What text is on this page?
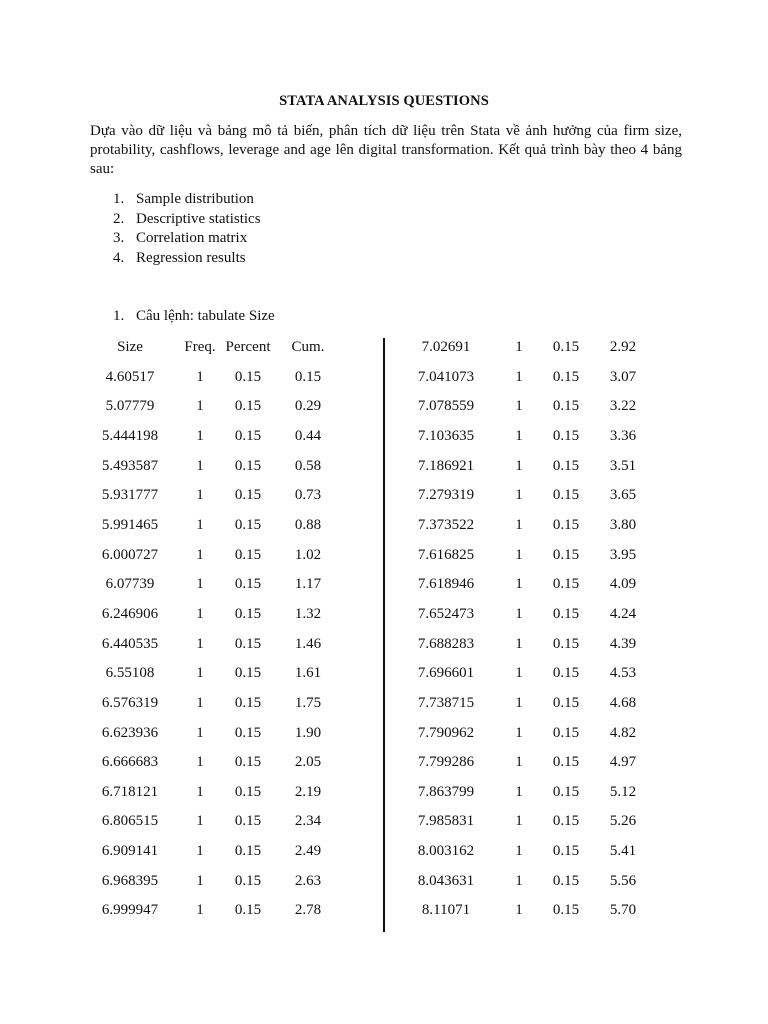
STATA ANALYSIS QUESTIONS
Dựa vào dữ liệu và bảng mô tả biến, phân tích dữ liệu trên Stata về ảnh hưởng của firm size, protability, cashflows, leverage and age lên digital transformation. Kết quả trình bày theo 4 bảng sau:
1. Sample distribution
2. Descriptive statistics
3. Correlation matrix
4. Regression results
1. Câu lệnh: tabulate Size
Size	Freq. Percent Cum.
4.60517	1 0.15 0.15
5.07779	1 0.15 0.29
5.444198	1 0.15 0.44
5.493587	1 0.15 0.58
5.931777	1 0.15 0.73
5.991465	1 0.15 0.88
6.000727	1 0.15 1.02
6.07739	1 0.15 1.17
6.246906	1 0.15 1.32
6.440535	1 0.15 1.46
6.55108	1 0.15 1.61
6.576319	1 0.15 1.75
6.623936	1 0.15 1.90
6.666683	1 0.15 2.05
6.718121	1 0.15 2.19
6.806515	1 0.15 2.34
6.909141	1 0.15 2.49
6.968395	1 0.15 2.63
6.999947	1 0.15 2.78
7.02691	1 0.15 2.92
7.041073	1 0.15 3.07
7.078559	1 0.15 3.22
7.103635	1 0.15 3.36
7.186921	1 0.15 3.51
7.279319	1 0.15 3.65
7.373522	1 0.15 3.80
7.616825	1 0.15 3.95
7.618946	1 0.15 4.09
7.652473	1 0.15 4.24
7.688283	1 0.15 4.39
7.696601	1 0.15 4.53
7.738715	1 0.15 4.68
7.790962	1 0.15 4.82
7.799286	1 0.15 4.97
7.863799	1 0.15 5.12
7.985831	1 0.15 5.26
8.003162	1 0.15 5.41
8.043631	1 0.15 5.56
8.11071	1 0.15 5.70
